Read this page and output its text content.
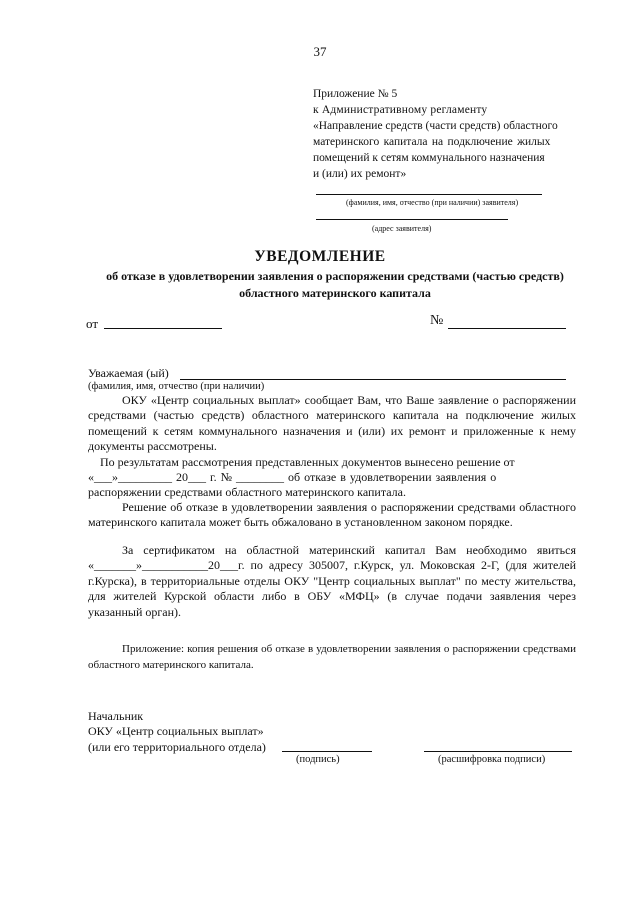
37
Приложение № 5
к Административному регламенту
«Направление средств (части средств) областного
материнского капитала на подключение жилых
помещений к сетям коммунального назначения
и (или) их ремонт»
(фамилия, имя, отчество (при наличии) заявителя)
(адрес заявителя)
УВЕДОМЛЕНИЕ
об отказе в удовлетворении заявления о распоряжении средствами (частью средств) областного материнского капитала
от	№
Уважаемая (ый)
(фамилия, имя, отчество (при наличии)
ОКУ «Центр социальных выплат» сообщает Вам, что Ваше заявление о распоряжении средствами (частью средств) областного материнского капитала на подключение жилых помещений к сетям коммунального назначения и (или) их ремонт и приложенные к нему документы рассмотрены.
По результатам рассмотрения представленных документов вынесено решение от
«___»_________ 20___ г. № ________ об отказе в удовлетворении заявления о
распоряжении средствами областного материнского капитала.
Решение об отказе в удовлетворении заявления о распоряжении средствами областного материнского капитала может быть обжаловано в установленном законом порядке.
За сертификатом на областной материнский капитал Вам необходимо явиться «_______»___________20___г. по адресу 305007, г.Курск, ул. Моковская 2-Г, (для жителей г.Курска), в территориальные отделы ОКУ "Центр социальных выплат" по месту жительства, для жителей Курской области либо в ОБУ «МФЦ» (в случае подачи заявления через указанный орган).
Приложение: копия решения об отказе в удовлетворении заявления о распоряжении средствами областного материнского капитала.
Начальник
ОКУ «Центр социальных выплат»
(или его территориального отдела)
(подпись)	(расшифровка подписи)
